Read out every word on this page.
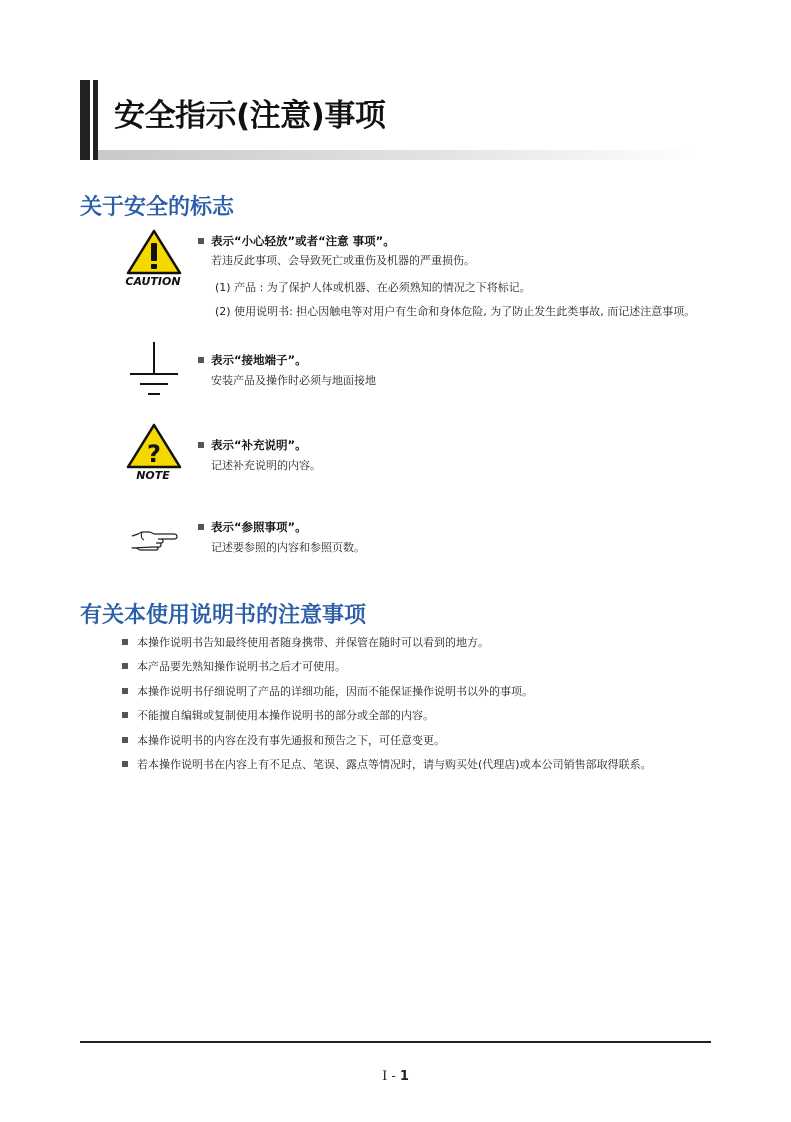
安全指示(注意)事项
关于安全的标志
CAUTION
表示“小心轻放”或者“注意 事项”。
若违反此事项、会导致死亡或重伤及机器的严重损伤。
(1) 产品 : 为了保护人体或机器、在必须熟知的情况之下将标记。
(2) 使用说明书: 担心因触电等对用户有生命和身体危险, 为了防止发生此类事故, 而记述注意事项。
表示“接地端子”。
安装产品及操作时必须与地面接地
?
NOTE
表示“补充说明”。
记述补充说明的内容。
表示“参照事项”。
记述要参照的内容和参照页数。
有关本使用说明书的注意事项
本操作说明书告知最终使用者随身携带、并保管在随时可以看到的地方。
本产品要先熟知操作说明书之后才可使用。
本操作说明书仔细说明了产品的详细功能，因而不能保证操作说明书以外的事项。
不能擅自编辑或复制使用本操作说明书的部分或全部的内容。
本操作说明书的内容在没有事先通报和预告之下，可任意变更。
若本操作说明书在内容上有不足点、笔误、露点等情况时，请与购买处(代理店)或本公司销售部取得联系。
I - 1
